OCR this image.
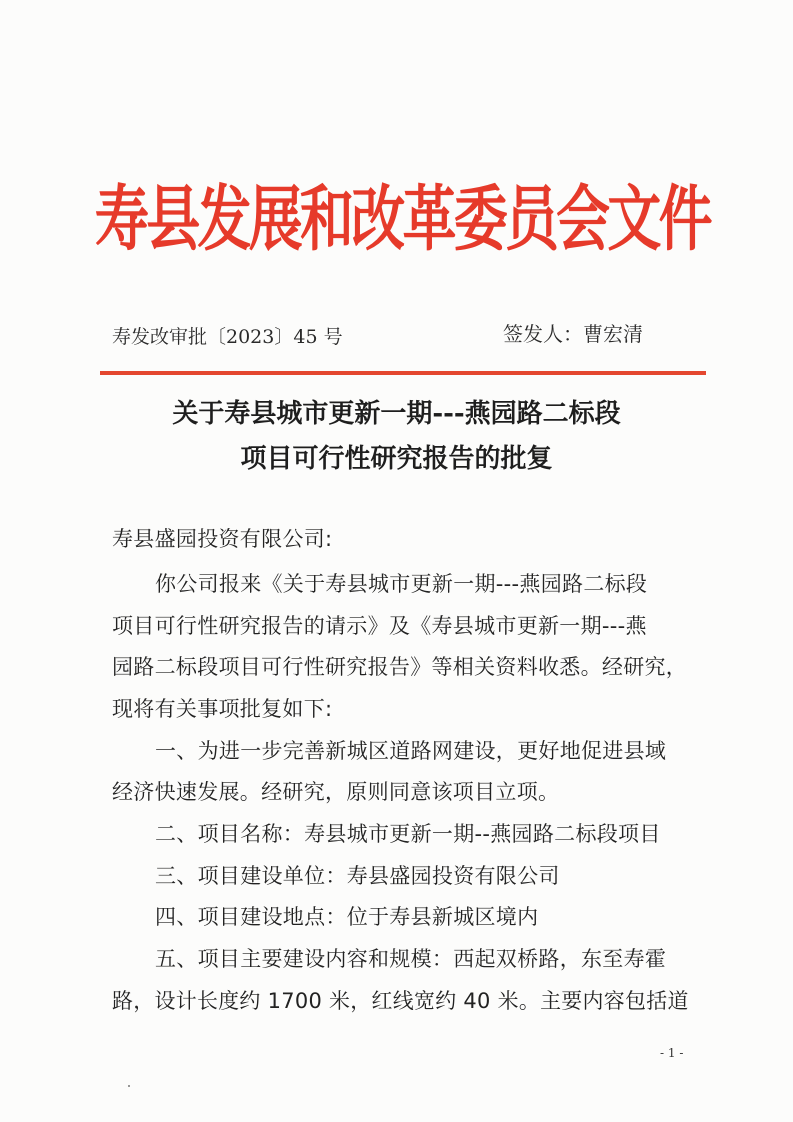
寿县发展和改革委员会文件
寿发改审批〔2023〕45 号	签发人：曹宏清
关于寿县城市更新一期---燕园路二标段
项目可行性研究报告的批复
寿县盛园投资有限公司:
你公司报来《关于寿县城市更新一期---燕园路二标段
项目可行性研究报告的请示》及《寿县城市更新一期---燕
园路二标段项目可行性研究报告》等相关资料收悉。经研究，
现将有关事项批复如下:
一、为进一步完善新城区道路网建设，更好地促进县域
经济快速发展。经研究，原则同意该项目立项。
二、项目名称：寿县城市更新一期--燕园路二标段项目
三、项目建设单位：寿县盛园投资有限公司
四、项目建设地点：位于寿县新城区境内
五、项目主要建设内容和规模：西起双桥路，东至寿霍
路，设计长度约 1700 米，红线宽约 40 米。主要内容包括道
- 1 -
